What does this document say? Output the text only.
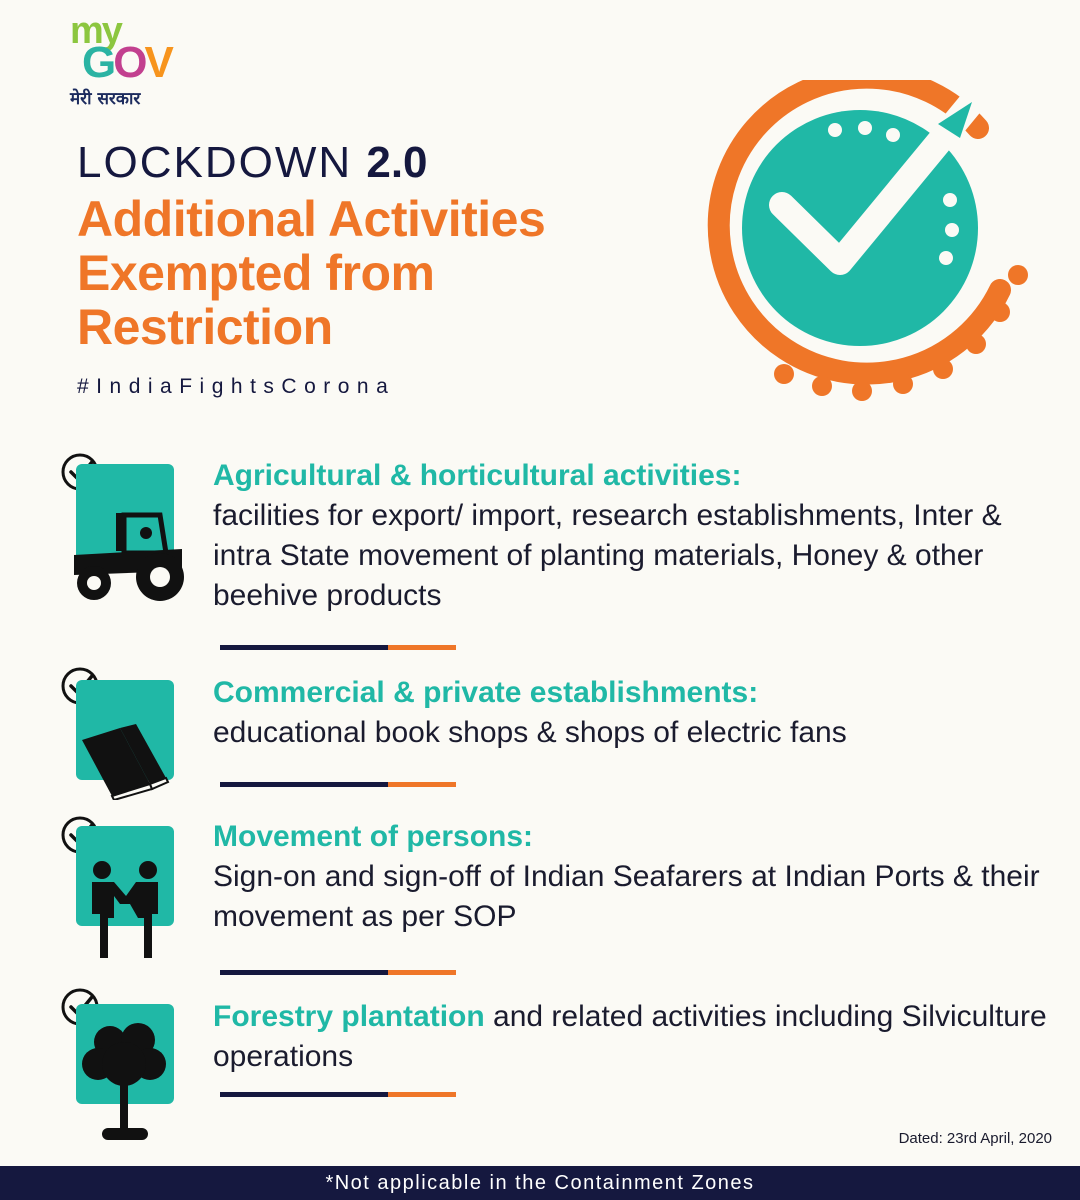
my
GOV
मेरी सरकार
LOCKDOWN 2.0
Additional Activities Exempted from Restriction
#IndiaFightsCorona
Agricultural & horticultural activities:
facilities for export/ import, research establishments, Inter & intra State movement of planting materials, Honey & other beehive products
Commercial & private establishments:
educational book shops & shops of electric fans
Movement of persons:
Sign-on and sign-off of Indian Seafarers at Indian Ports & their movement as per SOP
Forestry plantation and related activities including Silviculture operations
Dated: 23rd April, 2020
*Not applicable in the Containment Zones
